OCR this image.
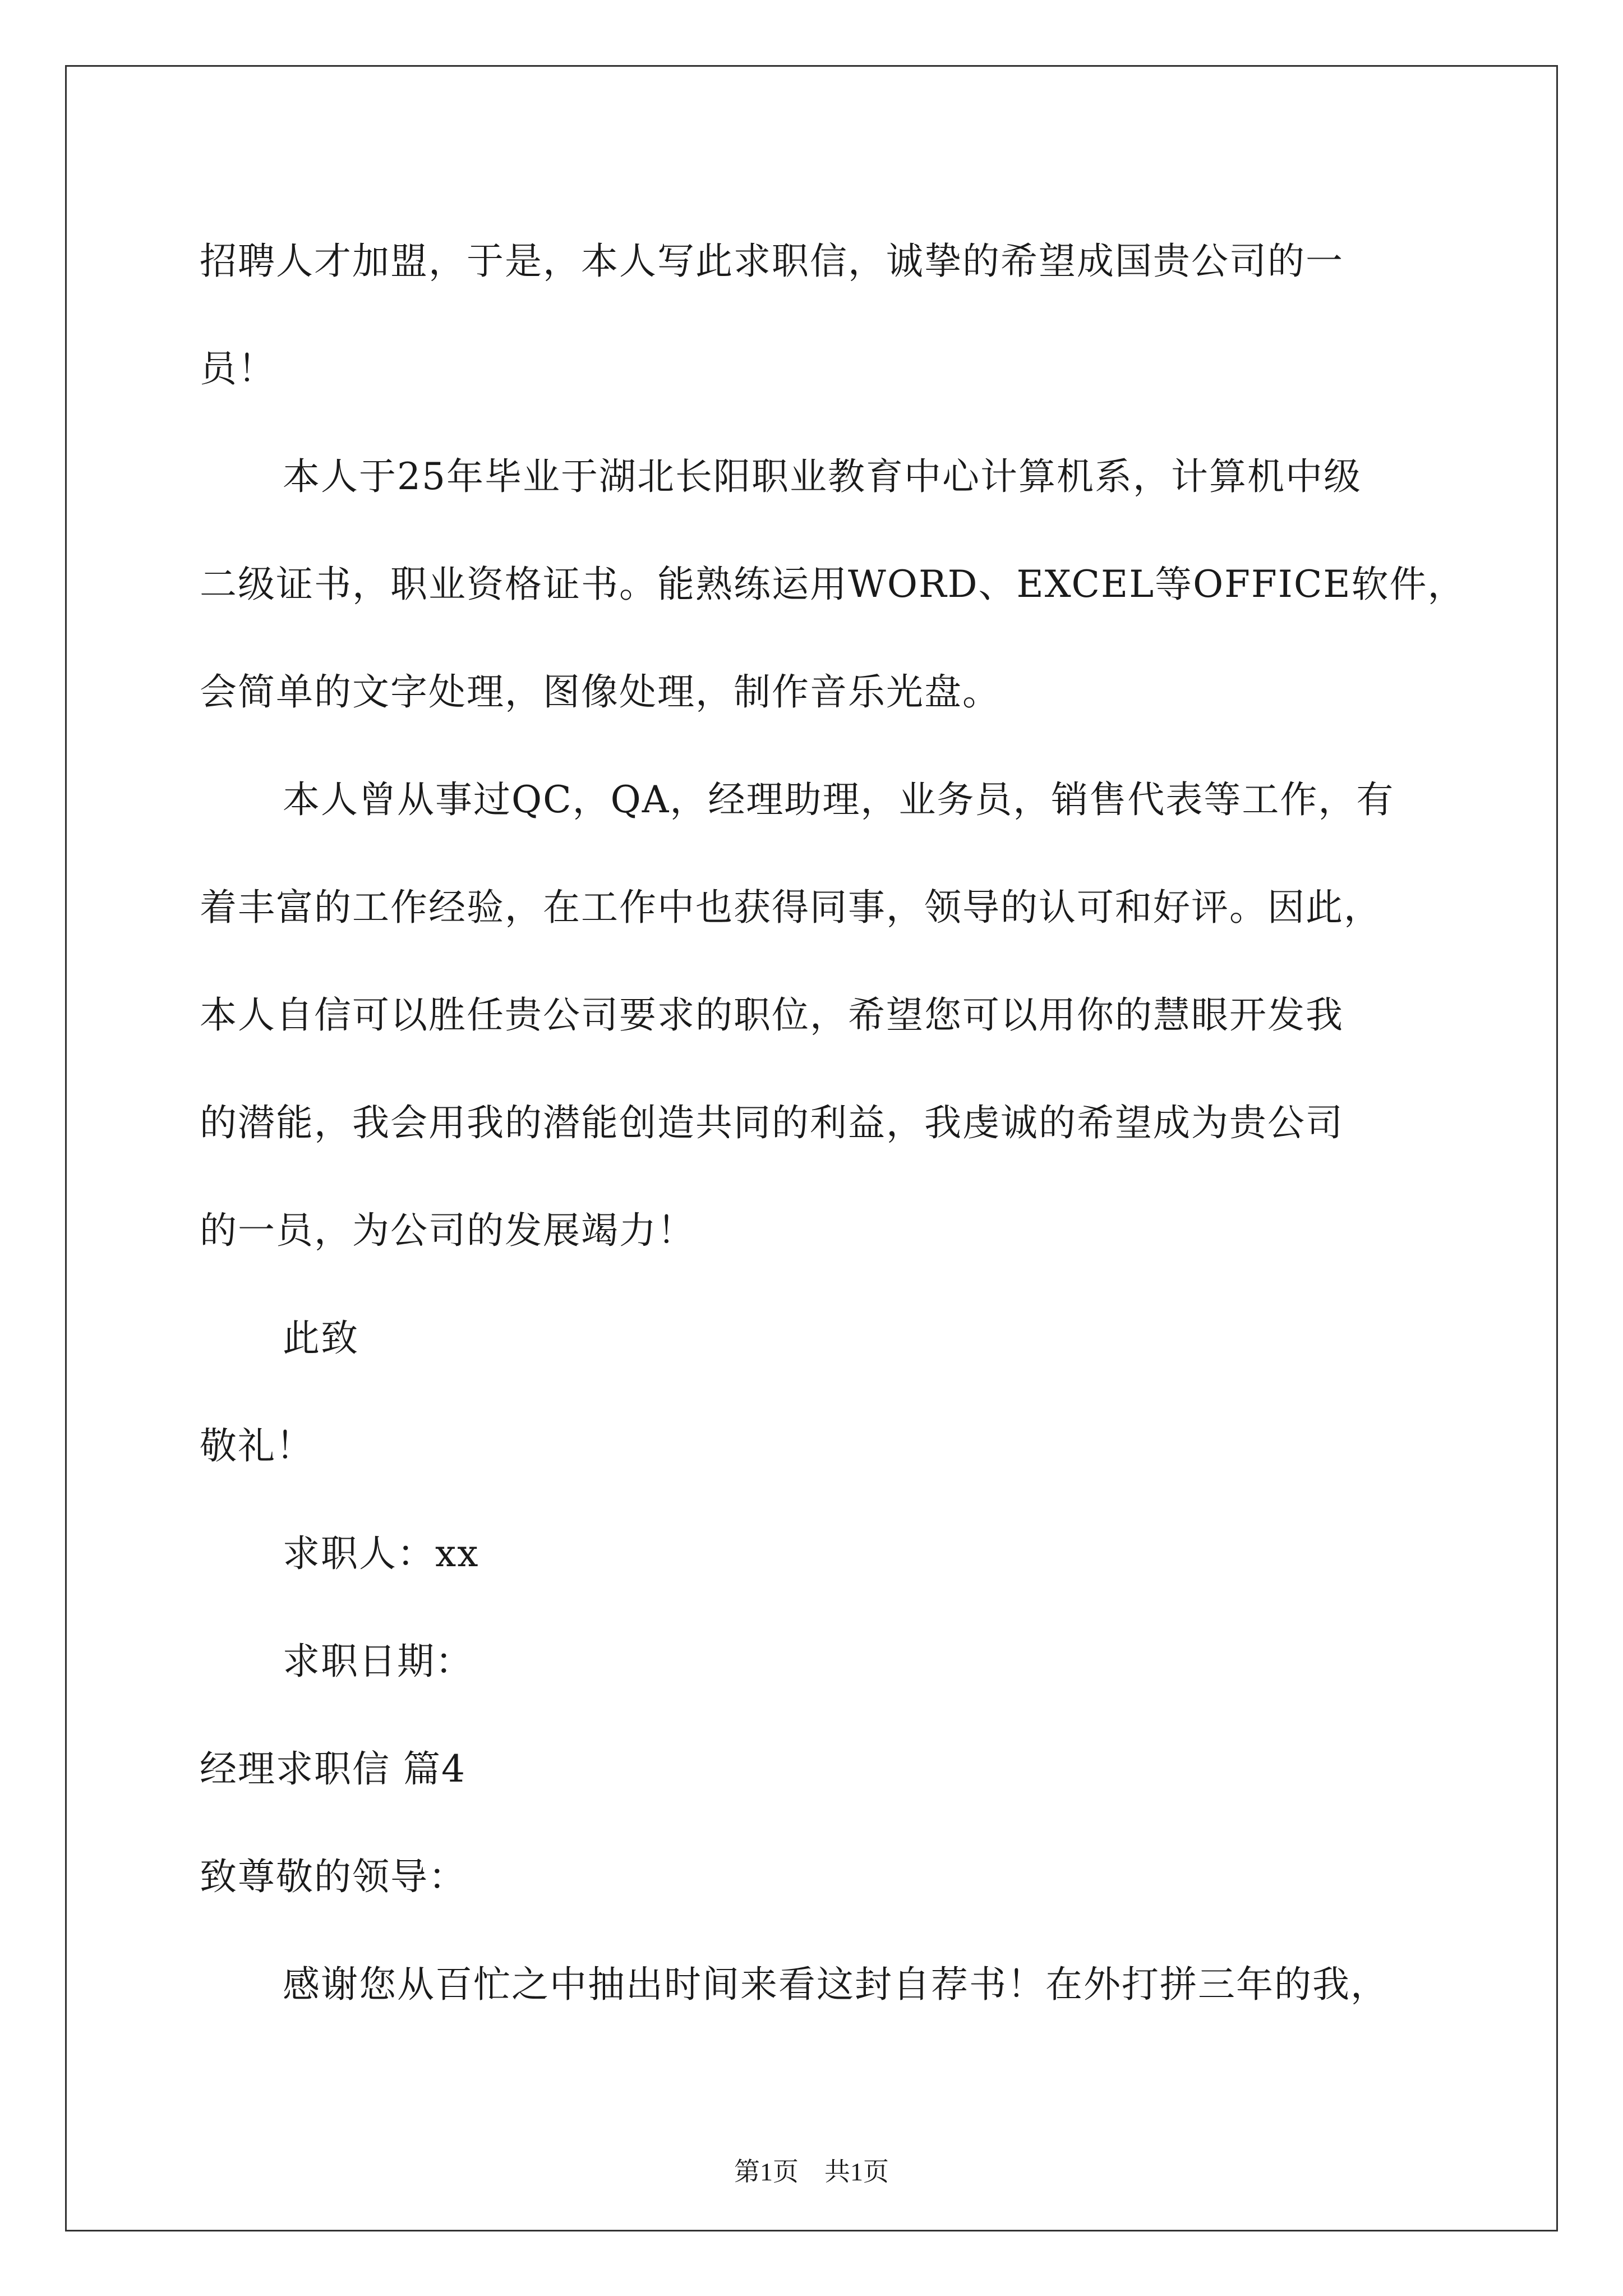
招聘人才加盟，于是，本人写此求职信，诚挚的希望成国贵公司的一
员！
本人于25年毕业于湖北长阳职业教育中心计算机系，计算机中级
二级证书，职业资格证书。能熟练运用WORD、EXCEL等OFFICE软件，
会简单的文字处理，图像处理，制作音乐光盘。
本人曾从事过QC，QA，经理助理，业务员，销售代表等工作，有
着丰富的工作经验，在工作中也获得同事，领导的认可和好评。因此，
本人自信可以胜任贵公司要求的职位，希望您可以用你的慧眼开发我
的潜能，我会用我的潜能创造共同的利益，我虔诚的希望成为贵公司
的一员，为公司的发展竭力！
此致
敬礼！
求职人：xx
求职日期：
经理求职信 篇4
致尊敬的领导：
感谢您从百忙之中抽出时间来看这封自荐书！在外打拼三年的我，
第1页　共1页
